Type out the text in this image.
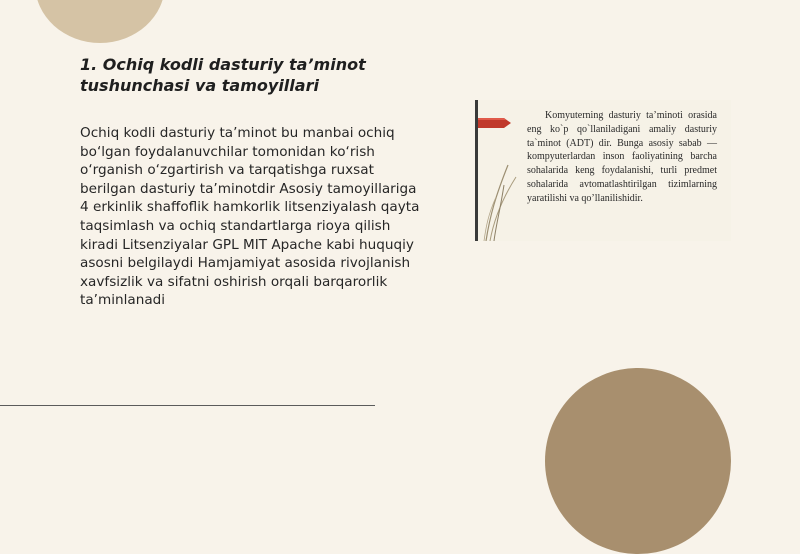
1. Ochiq kodli dasturiy ta’minot tushunchasi va tamoyillari

Ochiq kodli dasturiy ta’minot bu manbai ochiq bo‘lgan foydalanuvchilar tomonidan ko‘rish o‘rganish o‘zgartirish va tarqatishga ruxsat berilgan dasturiy ta’minotdir Asosiy tamoyillariga 4 erkinlik shaffoflik hamkorlik litsenziyalash qayta taqsimlash va ochiq standartlarga rioya qilish kiradi Litsenziyalar GPL MIT Apache kabi huquqiy asosni belgilaydi Hamjamiyat asosida rivojlanish xavfsizlik va sifatni oshirish orqali barqarorlik ta’minlanadi

Komyuterning dasturiy ta’minoti orasida eng ko`p qo`llaniladigani amaliy dasturiy ta`minot (ADT) dir. Bunga asosiy sabab — kompyuterlardan inson faoliyatining barcha sohalarida keng foydalanishi, turli predmet sohalarida avtomatlashtirilgan tizimlarning yaratilishi va qo’llanilishidir.
